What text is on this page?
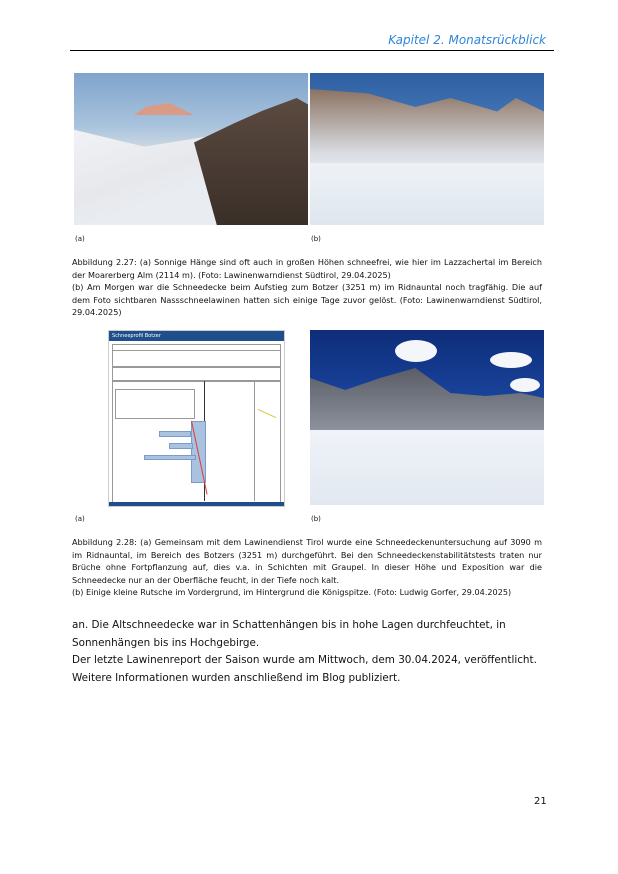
Kapitel 2. Monatsrückblick
(a)	(b)
Abbildung 2.27: (a) Sonnige Hänge sind oft auch in großen Höhen schneefrei, wie hier im Lazzachertal im Bereich der Moarerberg Alm (2114 m). (Foto: Lawinenwarndienst Südtirol, 29.04.2025)
(b) Am Morgen war die Schneedecke beim Aufstieg zum Botzer (3251 m) im Ridnauntal noch tragfähig. Die auf dem Foto sichtbaren Nassschneelawinen hatten sich einige Tage zuvor gelöst. (Foto: Lawinenwarndienst Südtirol, 29.04.2025)
Schneeprofil Botzer
(a)	(b)
Abbildung 2.28: (a) Gemeinsam mit dem Lawinendienst Tirol wurde eine Schneedeckenuntersuchung auf 3090 m im Ridnauntal, im Bereich des Botzers (3251 m) durchgeführt. Bei den Schneedeckenstabilitätstests traten nur Brüche ohne Fortpflanzung auf, dies v.a. in Schichten mit Graupel. In dieser Höhe und Exposition war die Schneedecke nur an der Oberfläche feucht, in der Tiefe noch kalt.
(b) Einige kleine Rutsche im Vordergrund, im Hintergrund die Königspitze. (Foto: Ludwig Gorfer, 29.04.2025)
an. Die Altschneedecke war in Schattenhängen bis in hohe Lagen durchfeuchtet, in Sonnenhängen bis ins Hochgebirge.
Der letzte Lawinenreport der Saison wurde am Mittwoch, dem 30.04.2024, veröffentlicht. Weitere Informationen wurden anschließend im Blog publiziert.
21
